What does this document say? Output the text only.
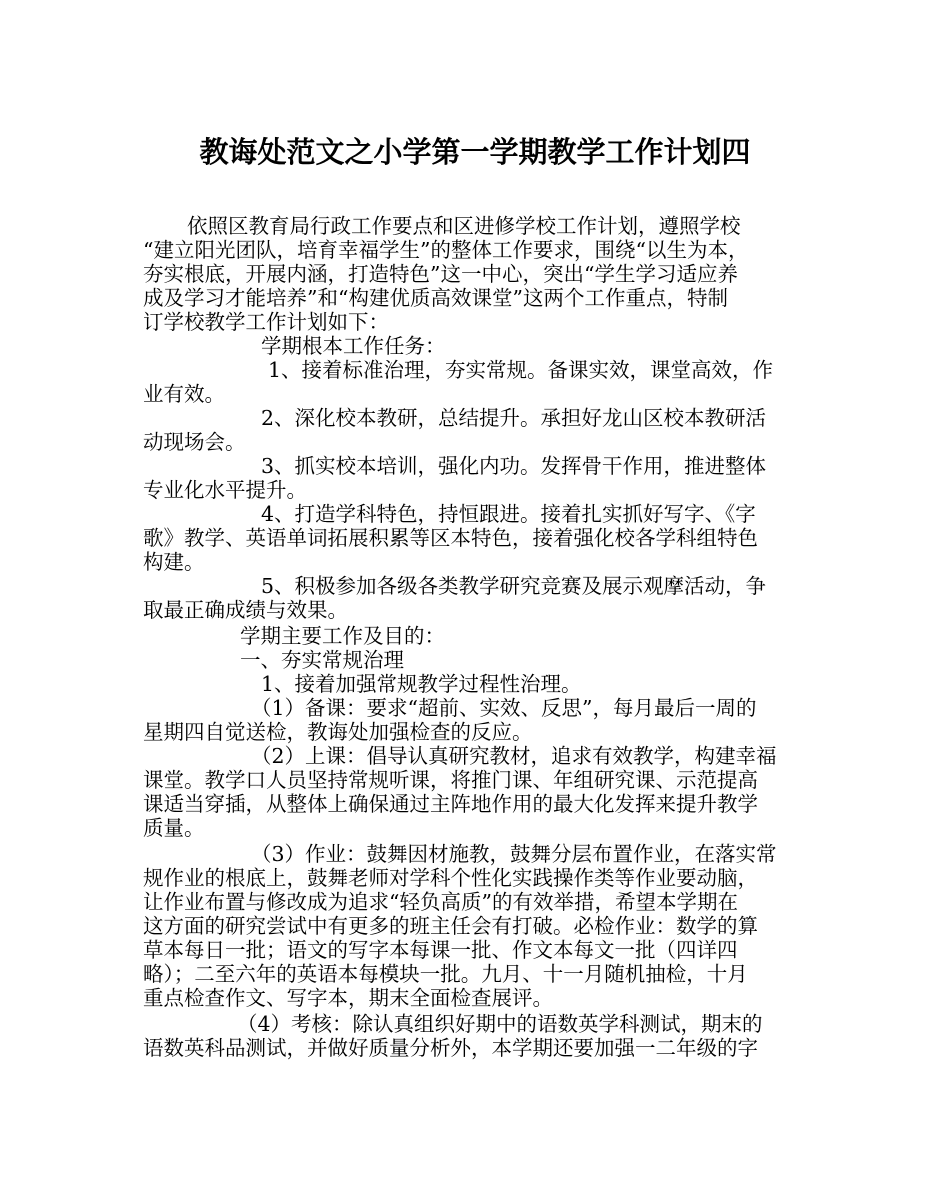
教诲处范文之小学第一学期教学工作计划四
依照区教育局行政工作要点和区进修学校工作计划，遵照学校
“建立阳光团队，培育幸福学生”的整体工作要求，围绕“以生为本，
夯实根底，开展内涵，打造特色”这一中心，突出“学生学习适应养
成及学习才能培养”和“构建优质高效课堂”这两个工作重点，特制
订学校教学工作计划如下：
学期根本工作任务：
1、接着标准治理，夯实常规。备课实效，课堂高效，作
业有效。
2、深化校本教研，总结提升。承担好龙山区校本教研活
动现场会。
3、抓实校本培训，强化内功。发挥骨干作用，推进整体
专业化水平提升。
4、打造学科特色，持恒跟进。接着扎实抓好写字、《字
歌》教学、英语单词拓展积累等区本特色，接着强化校各学科组特色
构建。
5、积极参加各级各类教学研究竞赛及展示观摩活动，争
取最正确成绩与效果。
学期主要工作及目的：
一、夯实常规治理
1、接着加强常规教学过程性治理。
（1）备课：要求“超前、实效、反思”，每月最后一周的
星期四自觉送检，教诲处加强检查的反应。
（2）上课：倡导认真研究教材，追求有效教学，构建幸福
课堂。教学口人员坚持常规听课，将推门课、年组研究课、示范提高
课适当穿插，从整体上确保通过主阵地作用的最大化发挥来提升教学
质量。
（3）作业：鼓舞因材施教，鼓舞分层布置作业，在落实常
规作业的根底上，鼓舞老师对学科个性化实践操作类等作业要动脑，
让作业布置与修改成为追求“轻负高质”的有效举措，希望本学期在
这方面的研究尝试中有更多的班主任会有打破。必检作业：数学的算
草本每日一批；语文的写字本每课一批、作文本每文一批（四详四
略）；二至六年的英语本每模块一批。九月、十一月随机抽检，十月
重点检查作文、写字本，期末全面检查展评。
（4）考核：除认真组织好期中的语数英学科测试，期末的
语数英科品测试，并做好质量分析外，本学期还要加强一二年级的字
